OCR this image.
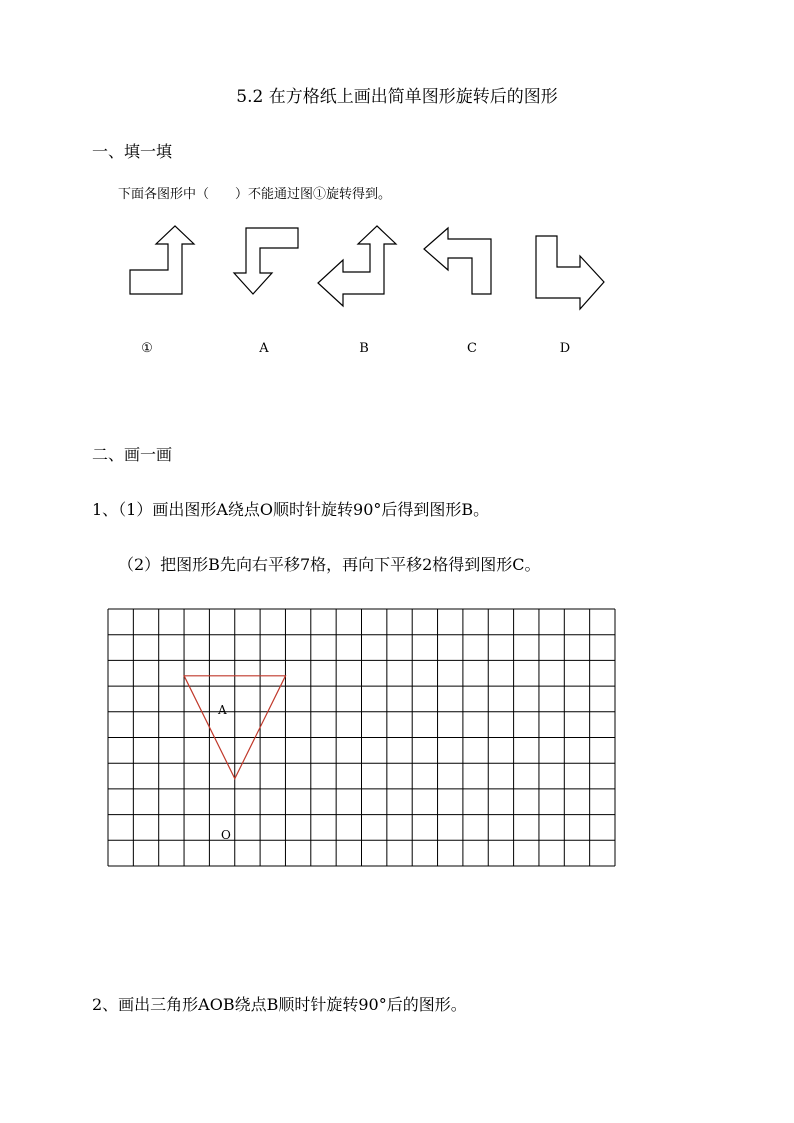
5.2 在方格纸上画出简单图形旋转后的图形
一、填一填
下面各图形中（　　）不能通过图①旋转得到。
①	A	B	C	D
二、画一画
1、（1）画出图形A绕点O顺时针旋转90°后得到图形B。
（2）把图形B先向右平移7格，再向下平移2格得到图形C。
A
O
2、画出三角形AOB绕点B顺时针旋转90°后的图形。
